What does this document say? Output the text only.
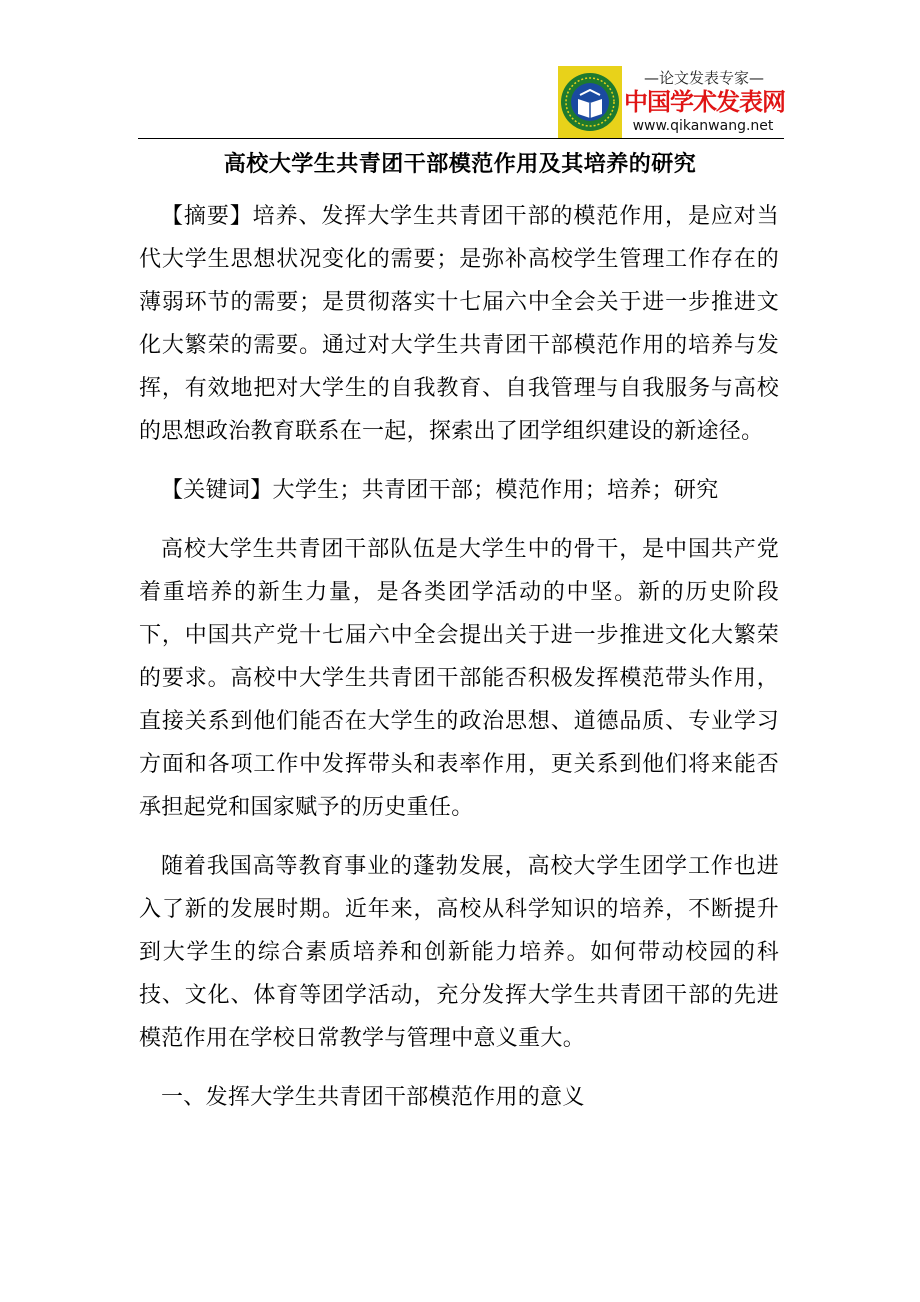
—论文发表专家—
中国学术发表网
www.qikanwang.net
高校大学生共青团干部模范作用及其培养的研究

【摘要】培养、发挥大学生共青团干部的模范作用，是应对当代大学生思想状况变化的需要；是弥补高校学生管理工作存在的薄弱环节的需要；是贯彻落实十七届六中全会关于进一步推进文化大繁荣的需要。通过对大学生共青团干部模范作用的培养与发挥，有效地把对大学生的自我教育、自我管理与自我服务与高校的思想政治教育联系在一起，探索出了团学组织建设的新途径。

【关键词】大学生；共青团干部；模范作用；培养；研究

高校大学生共青团干部队伍是大学生中的骨干，是中国共产党着重培养的新生力量，是各类团学活动的中坚。新的历史阶段下，中国共产党十七届六中全会提出关于进一步推进文化大繁荣的要求。高校中大学生共青团干部能否积极发挥模范带头作用，直接关系到他们能否在大学生的政治思想、道德品质、专业学习方面和各项工作中发挥带头和表率作用，更关系到他们将来能否承担起党和国家赋予的历史重任。

随着我国高等教育事业的蓬勃发展，高校大学生团学工作也进入了新的发展时期。近年来，高校从科学知识的培养，不断提升到大学生的综合素质培养和创新能力培养。如何带动校园的科技、文化、体育等团学活动，充分发挥大学生共青团干部的先进模范作用在学校日常教学与管理中意义重大。

一、发挥大学生共青团干部模范作用的意义
